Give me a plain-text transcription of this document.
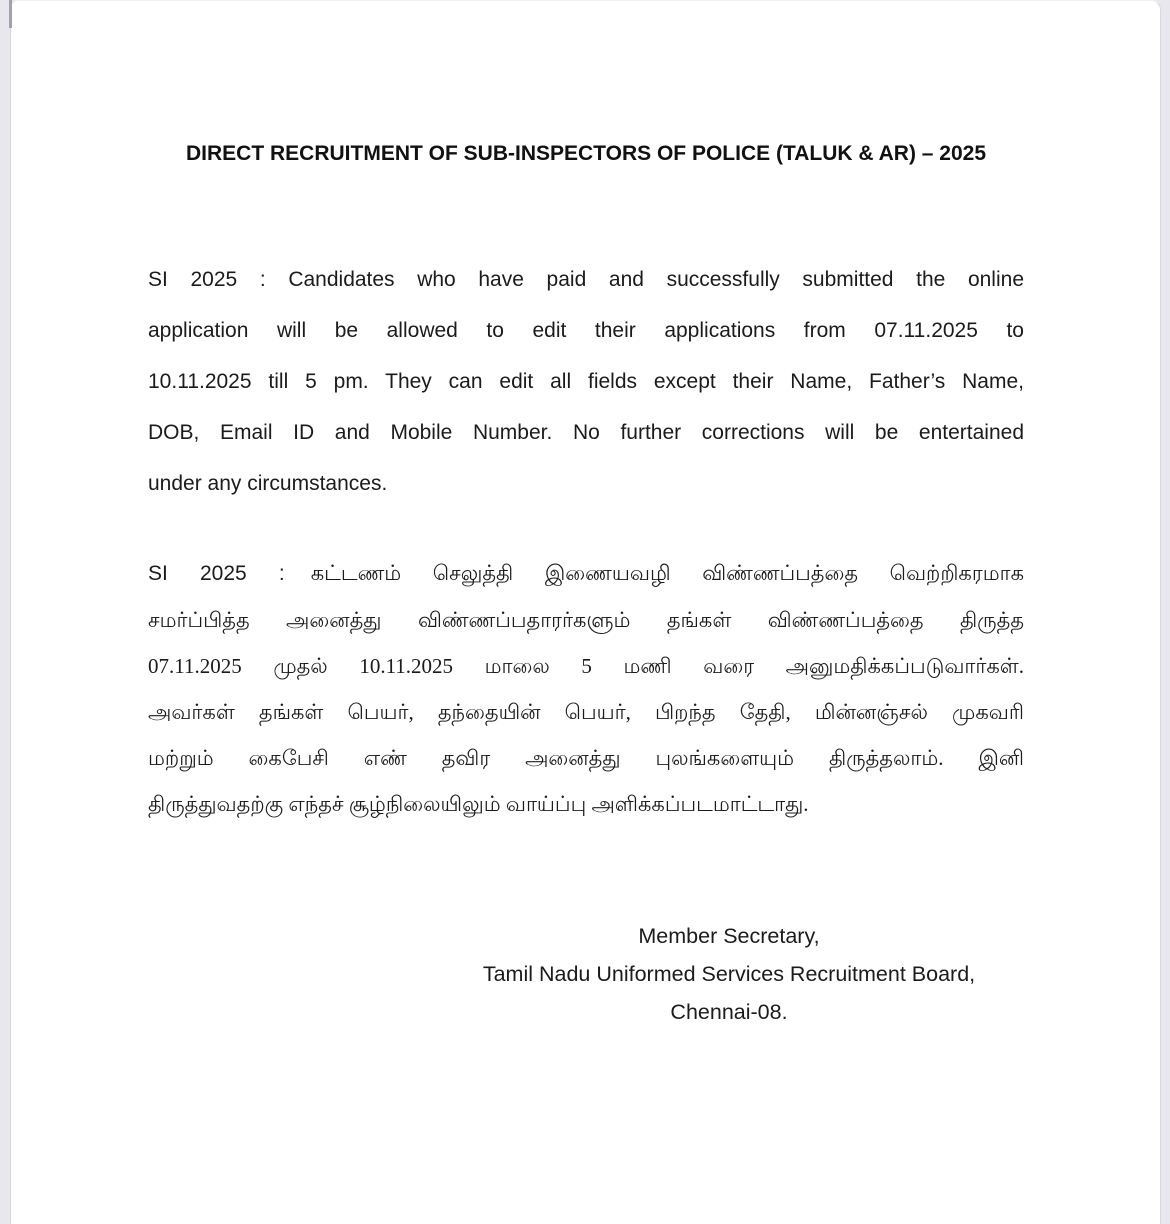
DIRECT RECRUITMENT OF SUB-INSPECTORS OF POLICE (TALUK & AR) – 2025
SI 2025 : Candidates who have paid and successfully submitted the online
application will be allowed to edit their applications from 07.11.2025 to
10.11.2025 till 5 pm. They can edit all fields except their Name, Father’s Name,
DOB, Email ID and Mobile Number. No further corrections will be entertained
under any circumstances.
SI 2025 : கட்டணம் செலுத்தி இணையவழி விண்ணப்பத்தை வெற்றிகரமாக
சமர்ப்பித்த அனைத்து விண்ணப்பதாரர்களும் தங்கள் விண்ணப்பத்தை திருத்த
07.11.2025 முதல் 10.11.2025 மாலை 5 மணி வரை அனுமதிக்கப்படுவார்கள்.
அவர்கள் தங்கள் பெயர், தந்தையின் பெயர், பிறந்த தேதி, மின்னஞ்சல் முகவரி
மற்றும் கைபேசி எண் தவிர அனைத்து புலங்களையும் திருத்தலாம். இனி
திருத்துவதற்கு எந்தச் சூழ்நிலையிலும் வாய்ப்பு அளிக்கப்படமாட்டாது.
Member Secretary,
Tamil Nadu Uniformed Services Recruitment Board,
Chennai-08.
